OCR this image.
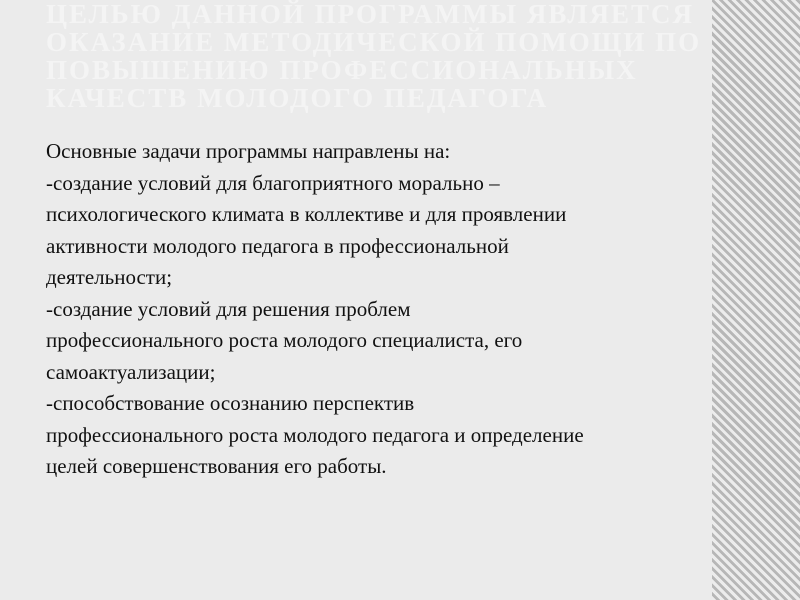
ЦЕЛЬЮ ДАННОЙ ПРОГРАММЫ ЯВЛЯЕТСЯ
ОКАЗАНИЕ МЕТОДИЧЕСКОЙ ПОМОЩИ ПО
ПОВЫШЕНИЮ ПРОФЕССИОНАЛЬНЫХ
КАЧЕСТВ МОЛОДОГО ПЕДАГОГА
Основные задачи программы направлены на:
-создание условий для благоприятного морально –
психологического климата в коллективе и для проявлении
активности молодого педагога в профессиональной
деятельности;
-создание условий для решения проблем
профессионального роста молодого специалиста, его
самоактуализации;
-способствование осознанию перспектив
профессионального роста молодого педагога и определение
целей совершенствования его работы.
